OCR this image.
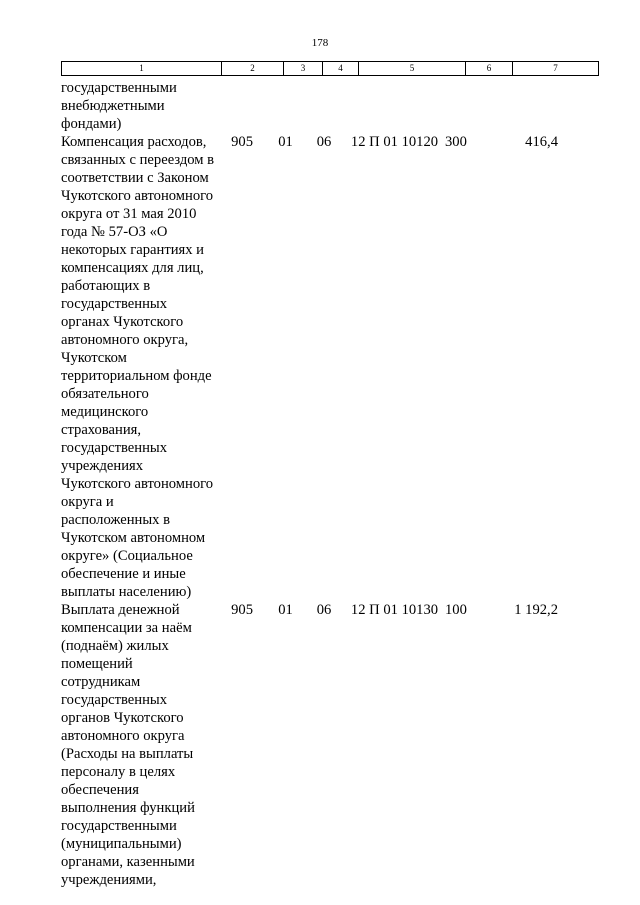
178
1	2	3	4	5	6	7
государственными
внебюджетными
фондами)
Компенсация расходов,
связанных с переездом в
соответствии с Законом
Чукотского автономного
округа от 31 мая 2010
года № 57-ОЗ «О
некоторых гарантиях и
компенсациях для лиц,
работающих в
государственных
органах Чукотского
автономного округа,
Чукотском
территориальном фонде
обязательного
медицинского
страхования,
государственных
учреждениях
Чукотского автономного
округа и
расположенных в
Чукотском автономном
округе» (Социальное
обеспечение и иные
выплаты населению)
905	01	06	12 П 01 10120 300	416,4
Выплата денежной
компенсации за наём
(поднаём) жилых
помещений
сотрудникам
государственных
органов Чукотского
автономного округа
(Расходы на выплаты
персоналу в целях
обеспечения
выполнения функций
государственными
(муниципальными)
органами, казенными
учреждениями,
905	01	06	12 П 01 10130 100	1 192,2
